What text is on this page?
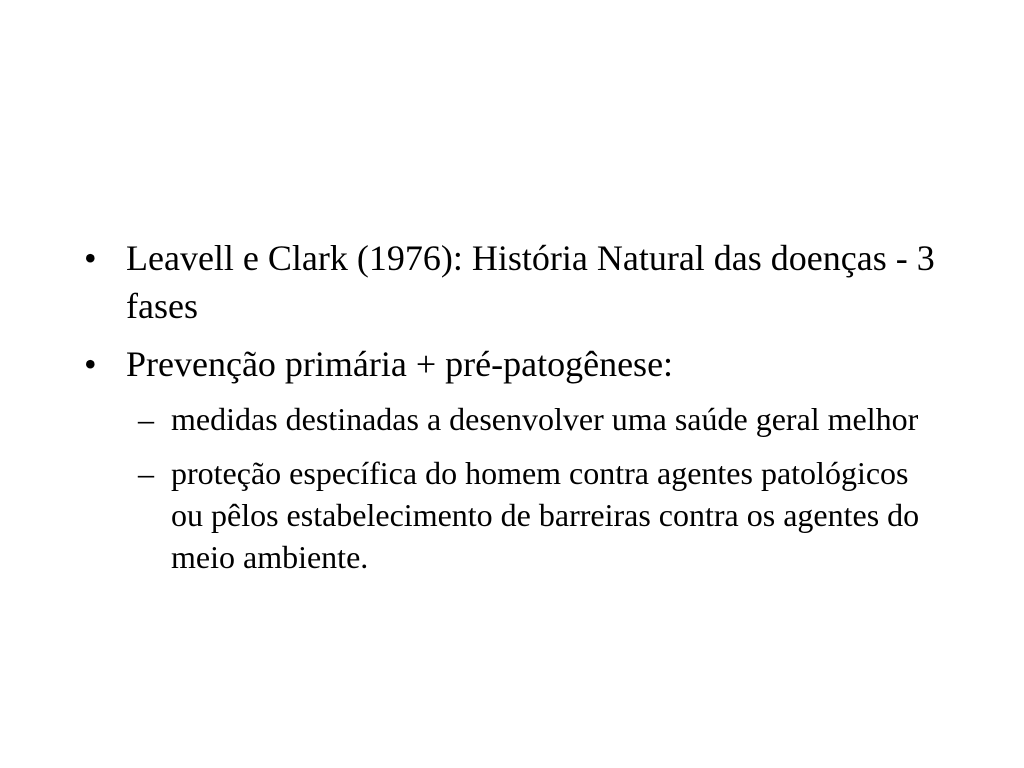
• Leavell e Clark (1976): História Natural das doenças - 3 fases
• Prevenção primária + pré-patogênese:
– medidas destinadas a desenvolver uma saúde geral melhor
– proteção específica do homem contra agentes patológicos ou pêlos estabelecimento de barreiras contra os agentes do meio ambiente.
